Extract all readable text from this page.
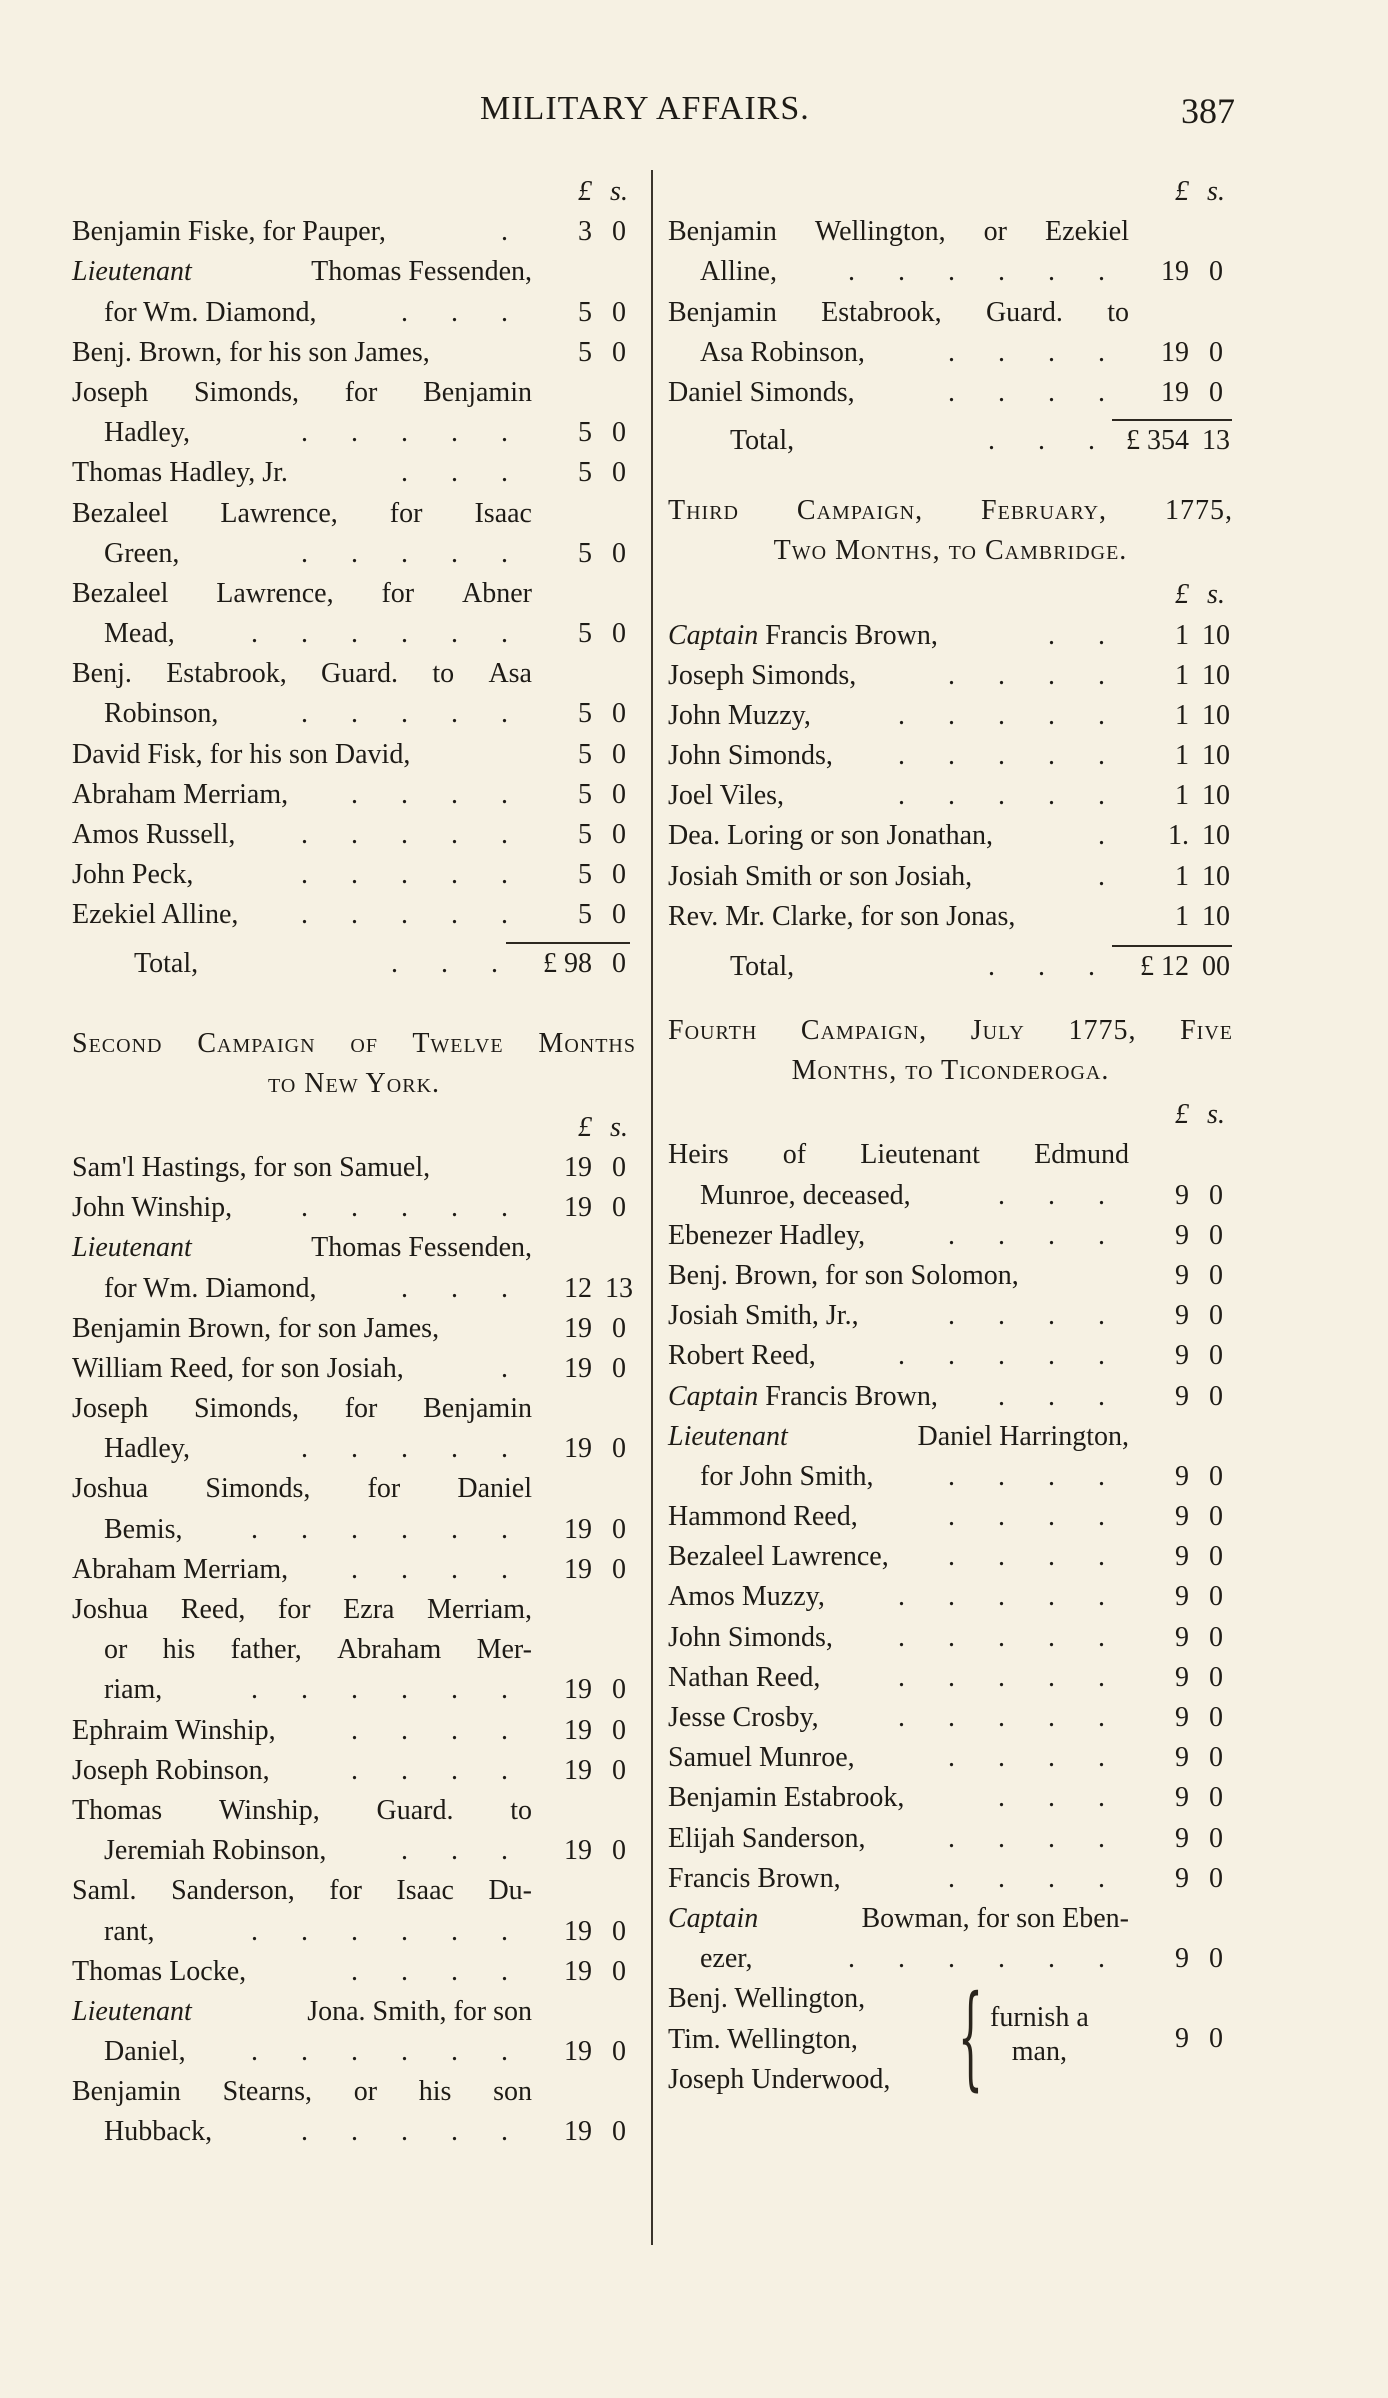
MILITARY AFFAIRS.	387
£ s.
Benjamin Fiske, for Pauper,	. 3 0
Lieutenant	Thomas Fessenden,
for Wm. Diamond,	. . . 5 0
Benj. Brown, for his son James,	5 0
Joseph Simonds, for Benjamin
Hadley,	. . . . . 5 0
Thomas Hadley, Jr.	. . . 5 0
Bezaleel Lawrence, for Isaac
Green,	. . . . . 5 0
Bezaleel Lawrence, for Abner
Mead,	. . . . . . 5 0
Benj. Estabrook, Guard. to Asa
Robinson,	. . . . . 5 0
David Fisk, for his son David,	5 0
Abraham Merriam, . . . . 5 0
Amos Russell, . . . . . 5 0
John Peck,	. . . . . 5 0
Ezekiel Alline, . . . . . 5 0
Total,	. . . £ 98 0
Second Campaign of Twelve Months
to New York.
£ s.
Sam'l Hastings, for son Samuel,	19 0
John Winship, . . . . . 19 0
Lieutenant	Thomas Fessenden,
for Wm. Diamond,	. . . 12 13
Benjamin Brown, for son James,	19 0
William Reed, for son Josiah,	. 19 0
Joseph Simonds, for Benjamin
Hadley,	. . . . . 19 0
Joshua Simonds, for Daniel
Bemis, . . . . . . 19 0
Abraham Merriam, . . . . 19 0
Joshua Reed, for Ezra Merriam,
or his father, Abraham Mer-
riam,	. . . . . . 19 0
Ephraim Winship,	. . . . 19 0
Joseph Robinson,	. . . . 19 0
Thomas Winship, Guard. to
Jeremiah Robinson,	. . . 19 0
Saml. Sanderson, for Isaac Du-
rant,	. . . . . . 19 0
Thomas Locke,	. . . . 19 0
Lieutenant	Jona. Smith, for son
Daniel, . . . . . . 19 0
Benjamin Stearns, or his son
Hubback,	. . . . . 19 0
£ s.
Benjamin Wellington, or Ezekiel
Alline,	. . . . . . 19 0
Benjamin Estabrook, Guard. to
Asa Robinson,	. . . . 19 0
Daniel Simonds,	. . . . 19 0
Total,	. . . £ 354 13
Third Campaign, February, 1775,
Two Months, to Cambridge.
£ s.
Captain Francis Brown,	. . 1 10
Joseph Simonds,	. . . . 1 10
John Muzzy,	. . . . . 1 10
John Simonds, . . . . . 1 10
Joel Viles,	. . . . . 1 10
Dea. Loring or son Jonathan,	. 1. 10
Josiah Smith or son Josiah,	. 1 10
Rev. Mr. Clarke, for son Jonas,	1 10
Total,	. . . £ 12 00
Fourth Campaign, July 1775, Five
Months, to Ticonderoga.
£ s.
Heirs of Lieutenant Edmund
Munroe, deceased,	. . . 9 0
Ebenezer Hadley,	. . . . 9 0
Benj. Brown, for son Solomon,	9 0
Josiah Smith, Jr.,	. . . . 9 0
Robert Reed,	. . . . . 9 0
Captain Francis Brown, . . . 9 0
Lieutenant	Daniel Harrington,
for John Smith,	. . . . 9 0
Hammond Reed,	. . . . 9 0
Bezaleel Lawrence, . . . . 9 0
Amos Muzzy,	. . . . . 9 0
John Simonds, . . . . . 9 0
Nathan Reed,	. . . . . 9 0
Jesse Crosby,	. . . . . 9 0
Samuel Munroe,	. . . . 9 0
Benjamin Estabrook,	. . . 9 0
Elijah Sanderson,	. . . . 9 0
Francis Brown,	. . . . 9 0
Captain	Bowman, for son Eben-
ezer,	. . . . . . 9 0
Benj. Wellington,
Tim. Wellington,
Joseph Underwood, { furnish a
man,	9 0
